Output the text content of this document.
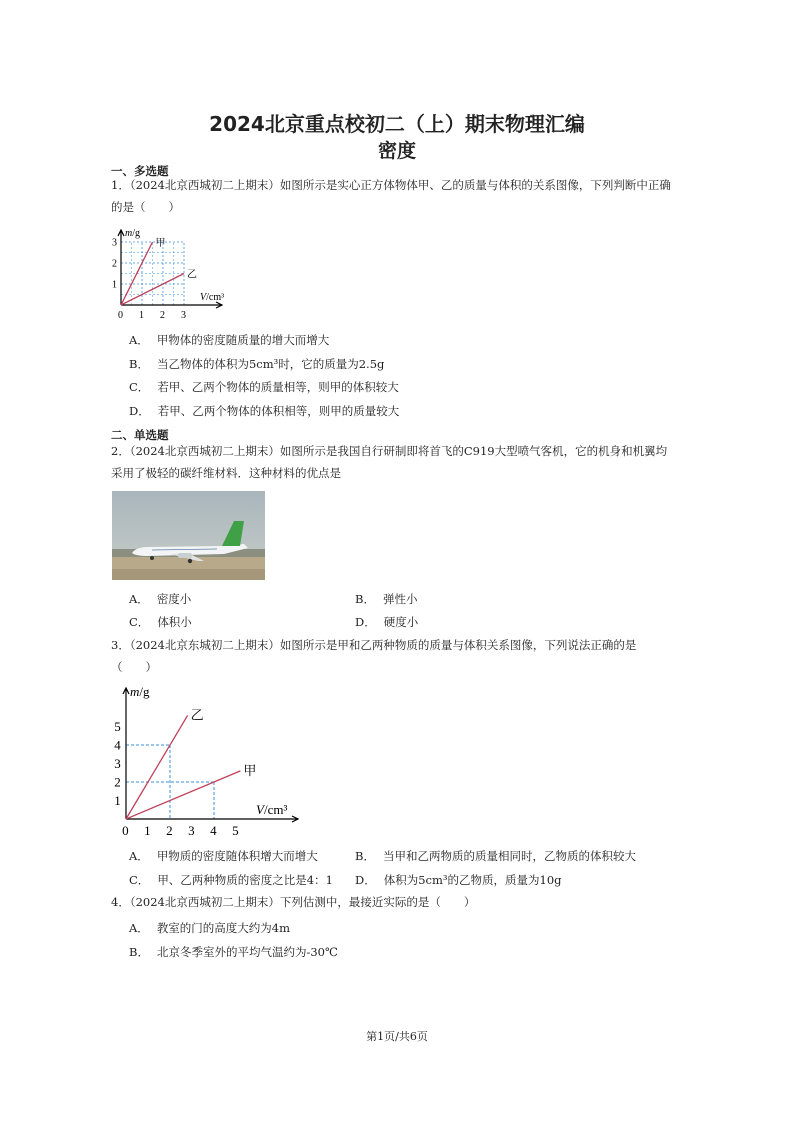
2024北京重点校初二（上）期末物理汇编
密度
一、多选题
1．（2024北京西城初二上期末）如图所示是实心正方体物体甲、乙的质量与体积的关系图像，下列判断中正确的是（　　）
0 1 2 3
1
2
3
m/g
V/cm³
甲
乙
A． 甲物体的密度随质量的增大而增大
B． 当乙物体的体积为5cm³时，它的质量为2.5g
C． 若甲、乙两个物体的质量相等，则甲的体积较大
D． 若甲、乙两个物体的体积相等，则甲的质量较大
二、单选题
2．（2024北京西城初二上期末）如图所示是我国自行研制即将首飞的C919大型喷气客机，它的机身和机翼均采用了极轻的碳纤维材料．这种材料的优点是
A． 密度小	B． 弹性小
C． 体积小	D． 硬度小
3．（2024北京东城初二上期末）如图所示是甲和乙两种物质的质量与体积关系图像，下列说法正确的是（　　）
0 1 2 3 4 5
1
2
3
4
5
m/g
V/cm³
乙
甲
A． 甲物质的密度随体积增大而增大	B． 当甲和乙两物质的质量相同时，乙物质的体积较大
C． 甲、乙两种物质的密度之比是4：1 D． 体积为5cm³的乙物质，质量为10g
4．（2024北京西城初二上期末）下列估测中，最接近实际的是（　　）
A． 教室的门的高度大约为4m
B． 北京冬季室外的平均气温约为-30℃
第1页/共6页
